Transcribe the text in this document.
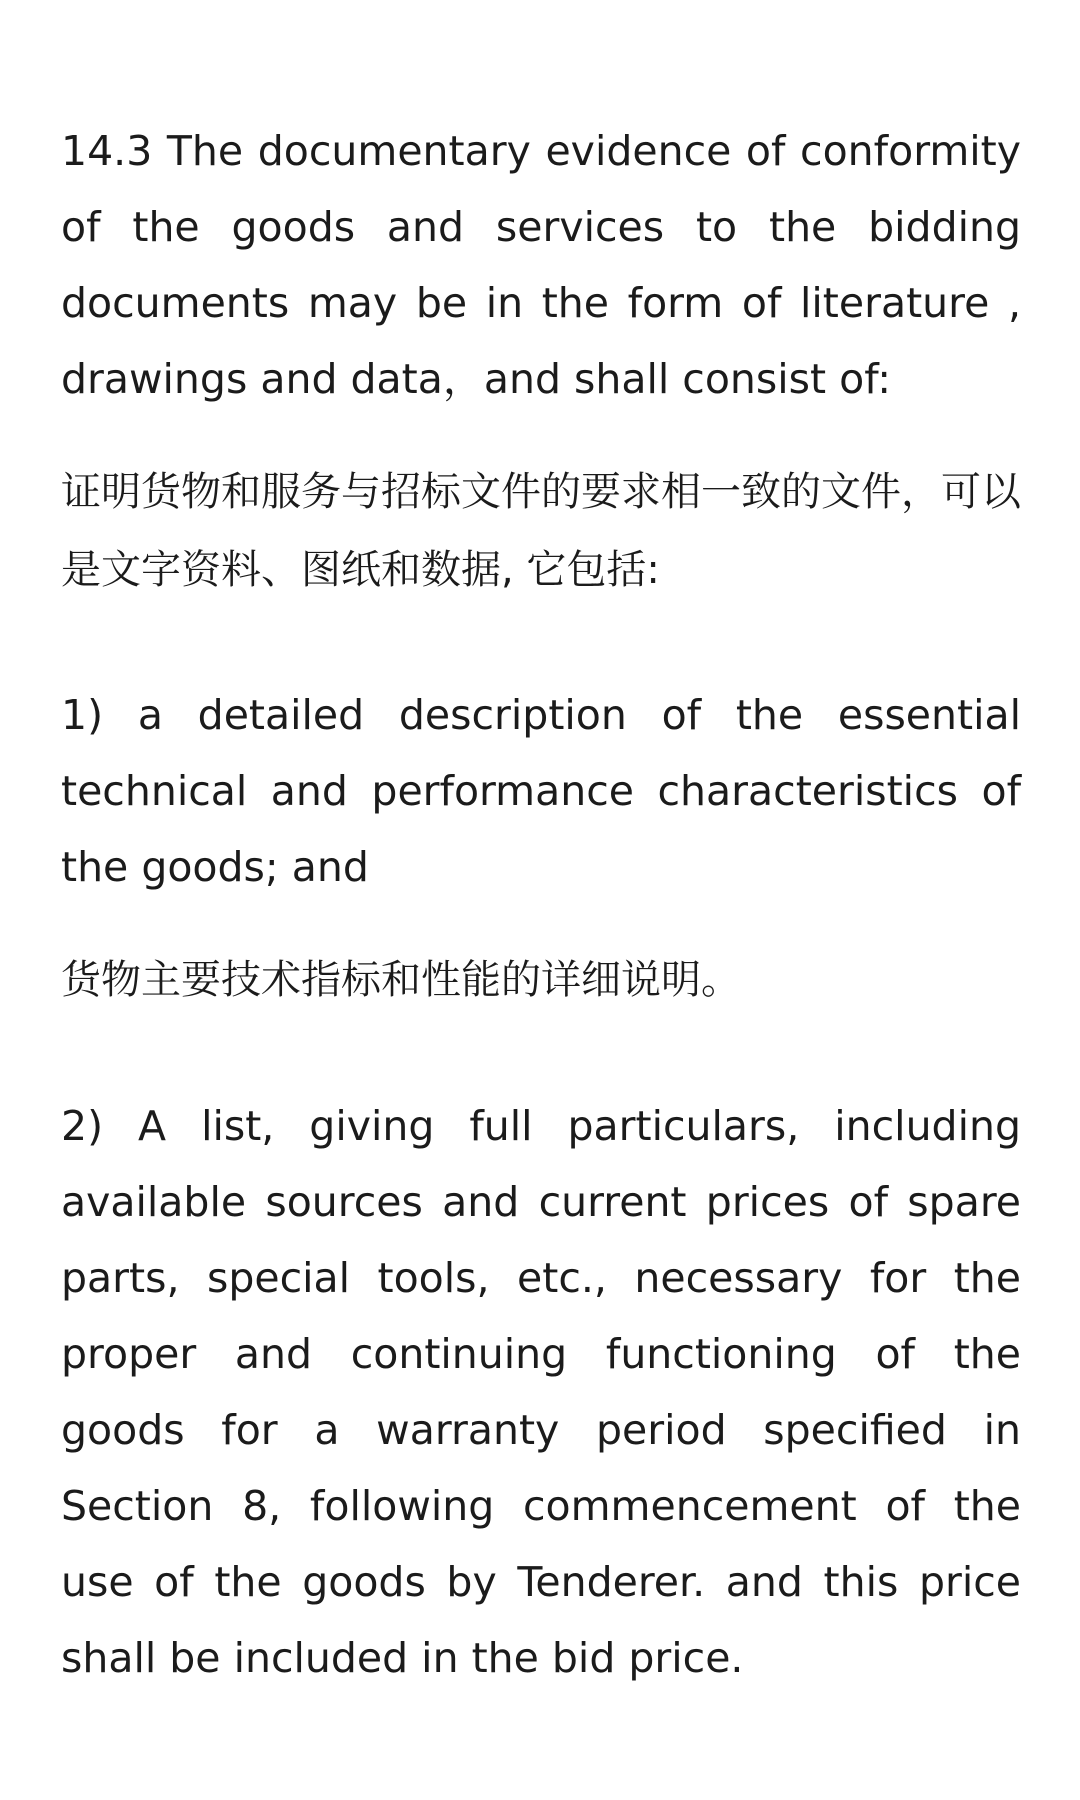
14.3 The documentary evidence of conformity of the goods and services to the bidding documents may be in the form of literature , drawings and data，and shall consist of:

证明货物和服务与招标文件的要求相一致的文件，可以是文字资料、图纸和数据, 它包括:

1) a detailed description of the essential technical and performance characteristics of the goods; and

货物主要技术指标和性能的详细说明。

2) A list, giving full particulars, including available sources and current prices of spare parts, special tools, etc., necessary for the proper and continuing functioning of the goods for a warranty period specified in Section 8, following commencement of the use of the goods by Tenderer. and this price shall be included in the bid price.
